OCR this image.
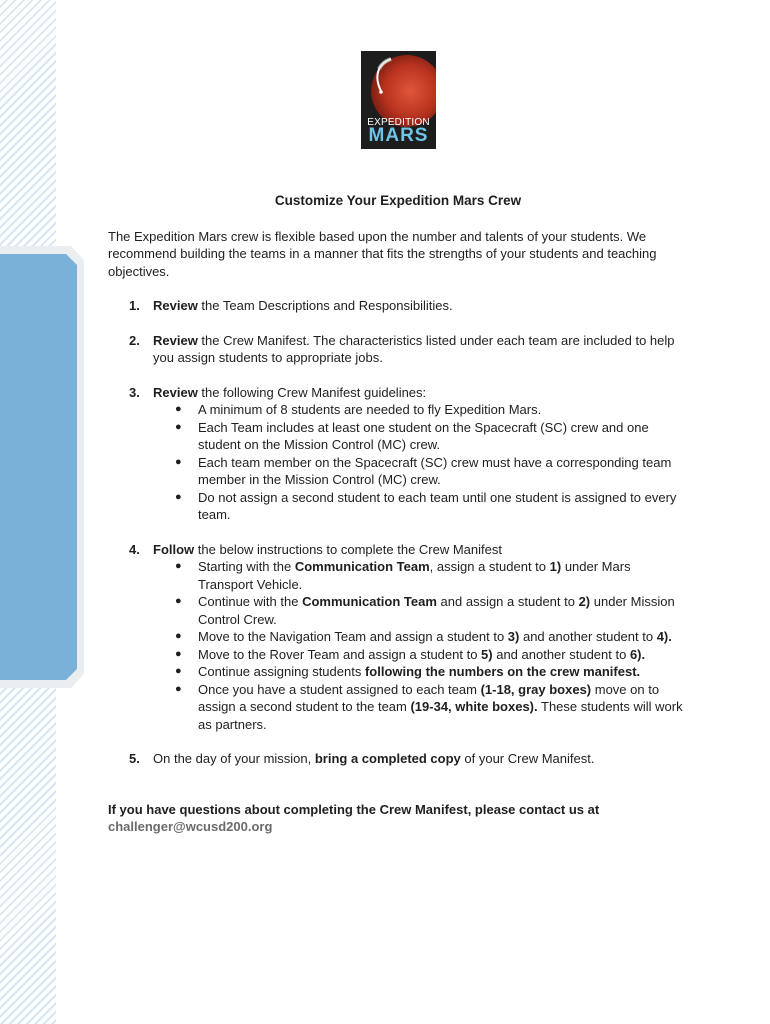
EXPEDITION
MARS
Customize Your Expedition Mars Crew

The Expedition Mars crew is flexible based upon the number and talents of your students. We recommend building the teams in a manner that fits the strengths of your students and teaching objectives.

1. Review the Team Descriptions and Responsibilities.
2. Review the Crew Manifest. The characteristics listed under each team are included to help you assign students to appropriate jobs.
3. Review the following Crew Manifest guidelines:
● A minimum of 8 students are needed to fly Expedition Mars.
● Each Team includes at least one student on the Spacecraft (SC) crew and one student on the Mission Control (MC) crew.
● Each team member on the Spacecraft (SC) crew must have a corresponding team member in the Mission Control (MC) crew.
● Do not assign a second student to each team until one student is assigned to every team.
4. Follow the below instructions to complete the Crew Manifest
● Starting with the Communication Team, assign a student to 1) under Mars Transport Vehicle.
● Continue with the Communication Team and assign a student to 2) under Mission Control Crew.
● Move to the Navigation Team and assign a student to 3) and another student to 4).
● Move to the Rover Team and assign a student to 5) and another student to 6).
● Continue assigning students following the numbers on the crew manifest.
● Once you have a student assigned to each team (1-18, gray boxes) move on to assign a second student to the team (19-34, white boxes). These students will work as partners.
5. On the day of your mission, bring a completed copy of your Crew Manifest.
If you have questions about completing the Crew Manifest, please contact us at
challenger@wcusd200.org
